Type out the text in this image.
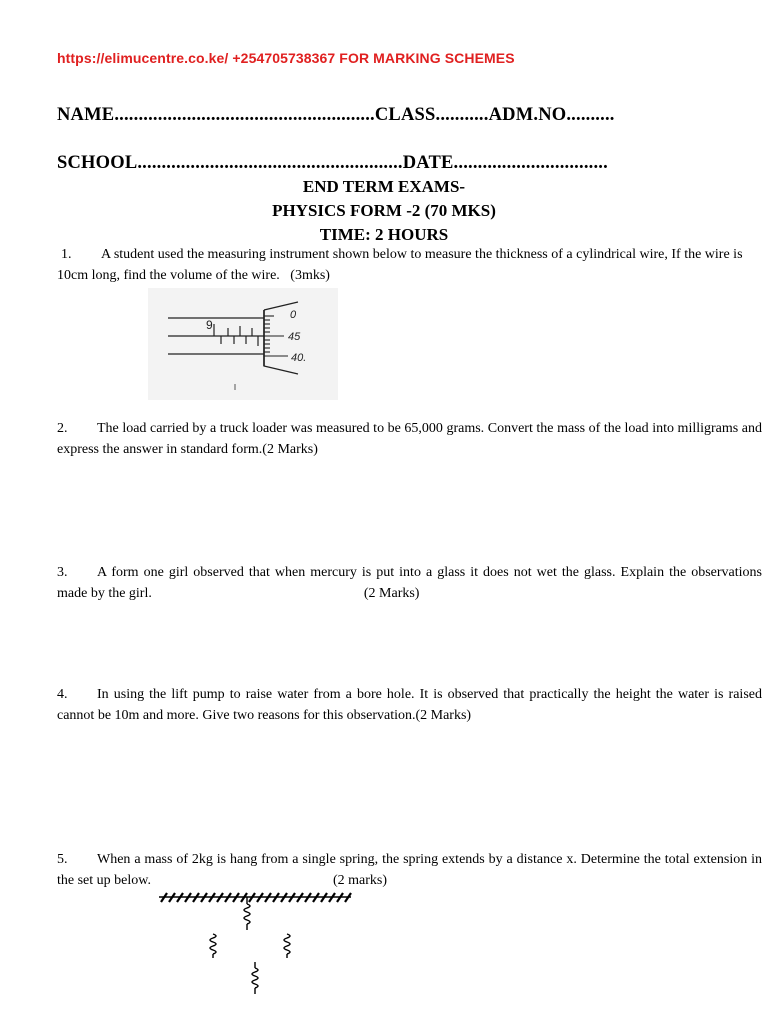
https://elimucentre.co.ke/ +254705738367 FOR MARKING SCHEMES
NAME......................................................CLASS...........ADM.NO..........
SCHOOL.......................................................DATE................................
END TERM EXAMS-
PHYSICS FORM -2 (70 MKS)
TIME: 2 HOURS

1. A student used the measuring instrument shown below to measure the thickness of a cylindrical wire, If the wire is 10cm long, find the volume of the wire. (3mks)

9
0
45
40.

2. The load carried by a truck loader was measured to be 65,000 grams. Convert the mass of the load into milligrams and express the answer in standard form.(2 Marks)

3. A form one girl observed that when mercury is put into a glass it does not wet the glass. Explain the observations made by the girl.	(2 Marks)

4. In using the lift pump to raise water from a bore hole. It is observed that practically the height the water is raised cannot be 10m and more. Give two reasons for this observation.(2 Marks)

5. When a mass of 2kg is hang from a single spring, the spring extends by a distance x. Determine the total extension in the set up below.	(2 marks)
